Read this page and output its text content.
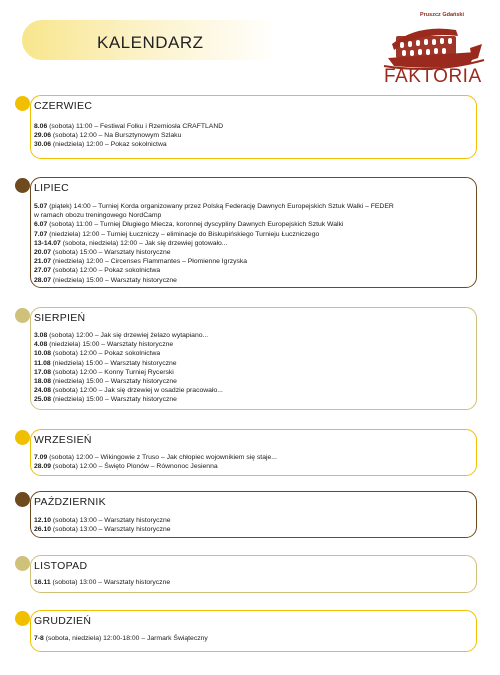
KALENDARZ
Pruszcz Gdański
FAKTORIA
CZERWIEC
8.06 (sobota) 11:00 – Festiwal Folku i Rzemiosła CRAFTLAND
29.06 (sobota) 12:00 – Na Bursztynowym Szlaku
30.06 (niedziela) 12:00 – Pokaz sokolnictwa
LIPIEC
5.07 (piątek) 14:00 – Turniej Korda organizowany przez Polską Federację Dawnych Europejskich Sztuk Walki – FEDER
w ramach obozu treningowego NordCamp
6.07 (sobota) 11:00 – Turniej Długiego Miecza, koronnej dyscypliny Dawnych Europejskich Sztuk Walki
7.07 (niedziela) 12:00 – Turniej Łuczniczy – eliminacje do Biskupińskiego Turnieju Łuczniczego
13-14.07 (sobota, niedziela) 12:00 – Jak się drzewiej gotowało...
20.07 (sobota) 15:00 – Warsztaty historyczne
21.07 (niedziela) 12:00 – Circenses Flammantes – Płomienne Igrzyska
27.07 (sobota) 12:00 – Pokaz sokolnictwa
28.07 (niedziela) 15:00 – Warsztaty historyczne
SIERPIEŃ
3.08 (sobota) 12:00 – Jak się drzewiej żelazo wytapiano...
4.08 (niedziela) 15:00 – Warsztaty historyczne
10.08 (sobota) 12:00 – Pokaz sokolnictwa
11.08 (niedziela) 15:00 – Warsztaty historyczne
17.08 (sobota) 12:00 – Konny Turniej Rycerski
18.08 (niedziela) 15:00 – Warsztaty historyczne
24.08 (sobota) 12:00 – Jak się drzewiej w osadzie pracowało...
25.08 (niedziela) 15:00 – Warsztaty historyczne
WRZESIEŃ
7.09 (sobota) 12:00 – Wikingowie z Truso – Jak chłopiec wojownikiem się staje...
28.09 (sobota) 12:00 – Święto Plonów – Równonoc Jesienna
PAŹDZIERNIK
12.10 (sobota) 13:00 – Warsztaty historyczne
26.10 (sobota) 13:00 – Warsztaty historyczne
LISTOPAD
16.11 (sobota) 13:00 – Warsztaty historyczne
GRUDZIEŃ
7-8 (sobota, niedziela) 12:00-18:00 – Jarmark Świąteczny
